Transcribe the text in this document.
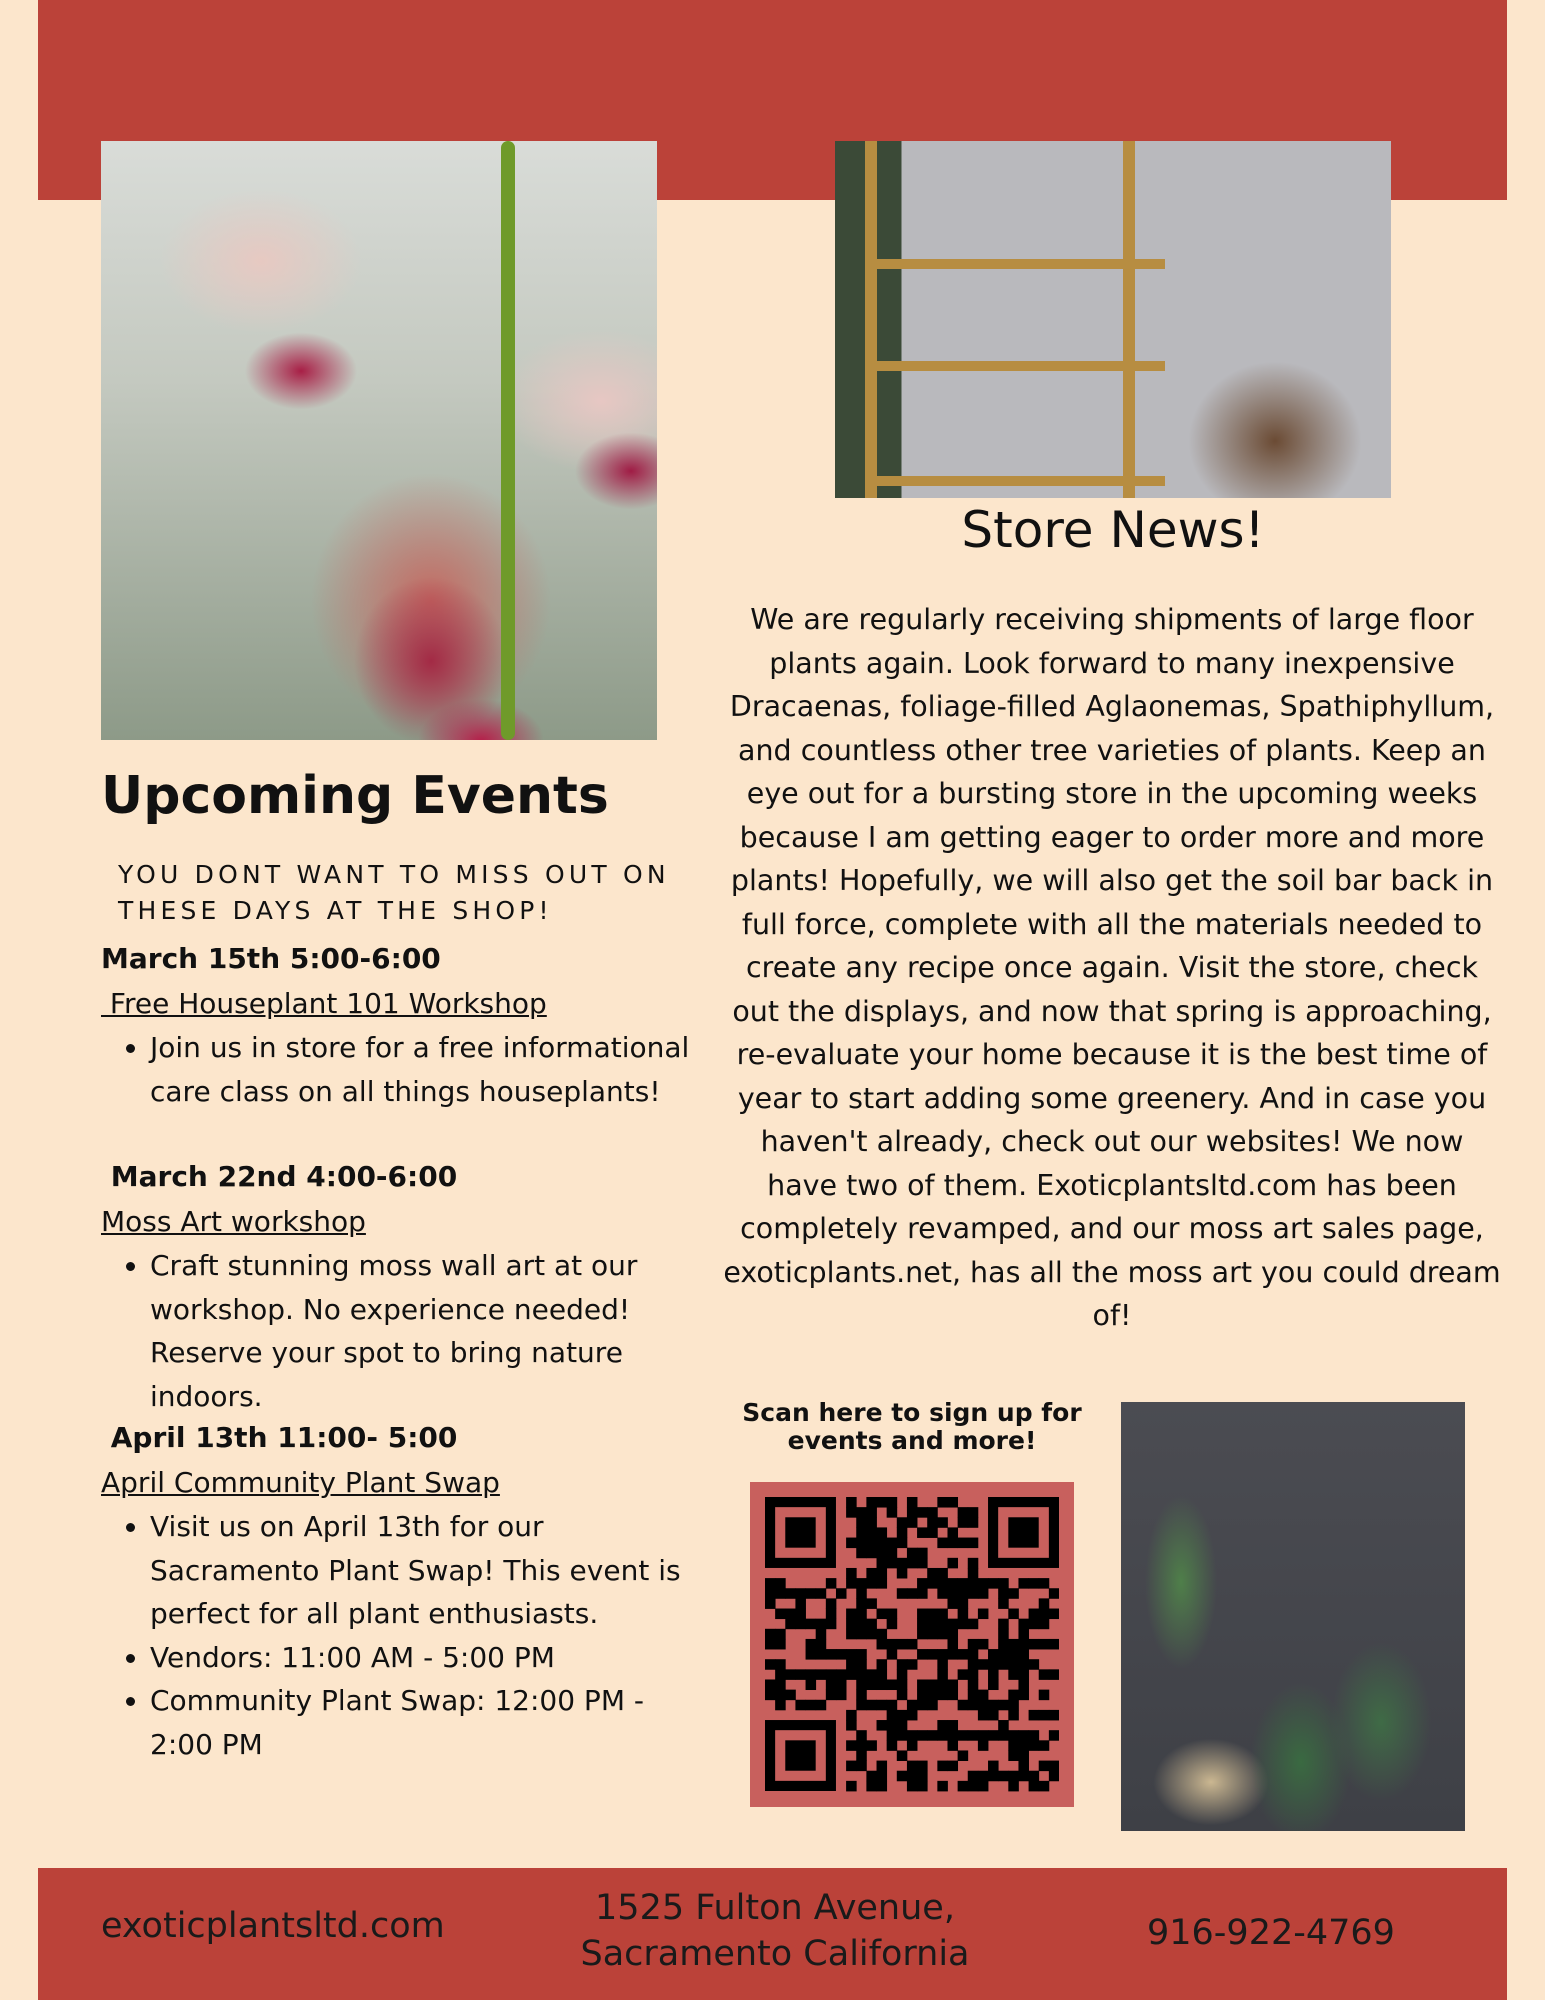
Store News!

We are regularly receiving shipments of large floor plants again. Look forward to many inexpensive Dracaenas, foliage-filled Aglaonemas, Spathiphyllum, and countless other tree varieties of plants. Keep an eye out for a bursting store in the upcoming weeks because I am getting eager to order more and more plants! Hopefully, we will also get the soil bar back in full force, complete with all the materials needed to create any recipe once again. Visit the store, check out the displays, and now that spring is approaching, re-evaluate your home because it is the best time of year to start adding some greenery. And in case you haven't already, check out our websites! We now have two of them. Exoticplantsltd.com has been completely revamped, and our moss art sales page, exoticplants.net, has all the moss art you could dream of!

Upcoming Events

YOU DONT WANT TO MISS OUT ON THESE DAYS AT THE SHOP!

March 15th 5:00-6:00

Free Houseplant 101 Workshop

• Join us in store for a free informational care class on all things houseplants!

March 22nd 4:00-6:00

Moss Art workshop

• Craft stunning moss wall art at our workshop. No experience needed! Reserve your spot to bring nature indoors.

April 13th 11:00- 5:00

April Community Plant Swap

• Visit us on April 13th for our Sacramento Plant Swap! This event is perfect for all plant enthusiasts.
• Vendors: 11:00 AM - 5:00 PM
• Community Plant Swap: 12:00 PM - 2:00 PM

Scan here to sign up for events and more!

exoticplantsltd.com	1525 Fulton Avenue,
Sacramento California

916-922-4769
